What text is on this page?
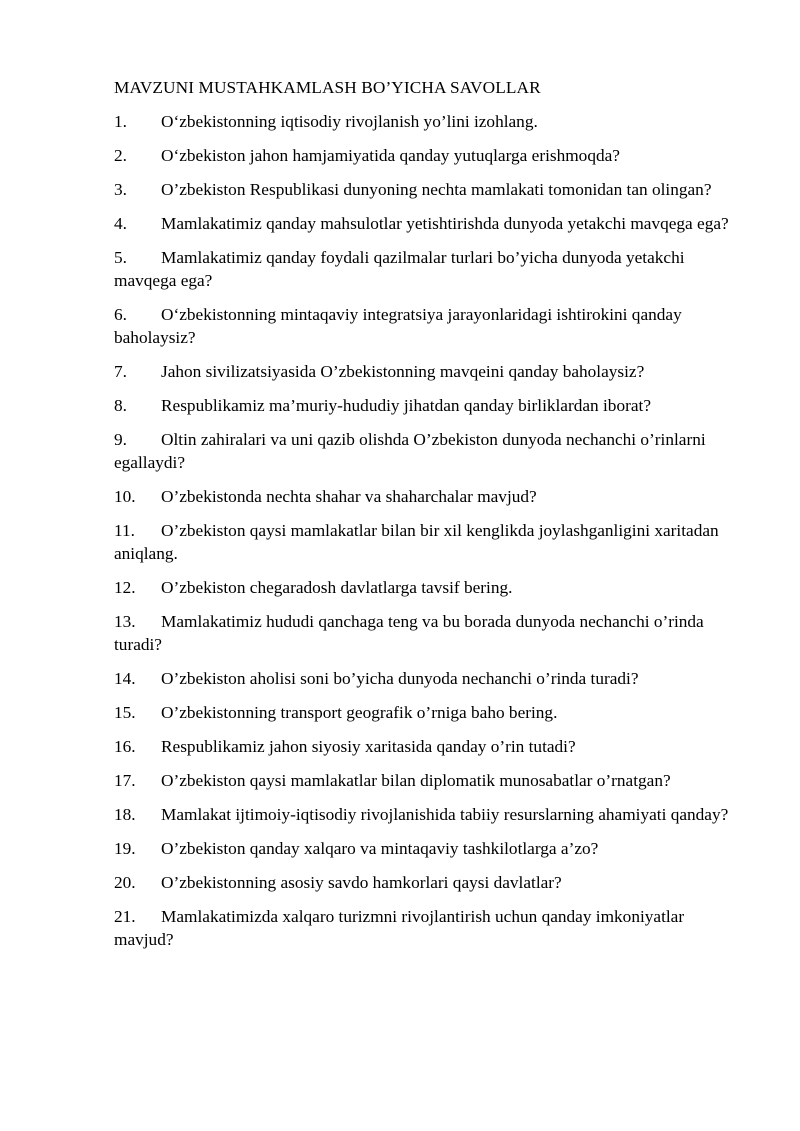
MAVZUNI MUSTAHKAMLASH BO’YICHA SAVOLLAR
1. O‘zbekistonning iqtisodiy rivojlanish yo’lini izohlang.
2. O‘zbekiston jahon hamjamiyatida qanday yutuqlarga erishmoqda?
3. O’zbekiston Respublikasi dunyoning nechta mamlakati tomonidan tan olingan?
4. Mamlakatimiz qanday mahsulotlar yetishtirishda dunyoda yetakchi mavqega ega?
5. Mamlakatimiz qanday foydali qazilmalar turlari bo’yicha dunyoda yetakchi mavqega ega?
6. O‘zbekistonning mintaqaviy integratsiya jarayonlaridagi ishtirokini qanday baholaysiz?
7. Jahon sivilizatsiyasida O’zbekistonning mavqeini qanday baholaysiz?
8. Respublikamiz ma’muriy-hududiy jihatdan qanday birliklardan iborat?
9. Oltin zahiralari va uni qazib olishda O’zbekiston dunyoda nechanchi o’rinlarni egallaydi?
10. O’zbekistonda nechta shahar va shaharchalar mavjud?
11. O’zbekiston qaysi mamlakatlar bilan bir xil kenglikda joylashganligini xaritadan aniqlang.
12. O’zbekiston chegaradosh davlatlarga tavsif bering.
13. Mamlakatimiz hududi qanchaga teng va bu borada dunyoda nechanchi o’rinda turadi?
14. O’zbekiston aholisi soni bo’yicha dunyoda nechanchi o’rinda turadi?
15. O’zbekistonning transport geografik o’rniga baho bering.
16. Respublikamiz jahon siyosiy xaritasida qanday o’rin tutadi?
17. O’zbekiston qaysi mamlakatlar bilan diplomatik munosabatlar o’rnatgan?
18. Mamlakat ijtimoiy-iqtisodiy rivojlanishida tabiiy resurslarning ahamiyati qanday?
19. O’zbekiston qanday xalqaro va mintaqaviy tashkilotlarga a’zo?
20. O’zbekistonning asosiy savdo hamkorlari qaysi davlatlar?
21. Mamlakatimizda xalqaro turizmni rivojlantirish uchun qanday imkoniyatlar mavjud?
